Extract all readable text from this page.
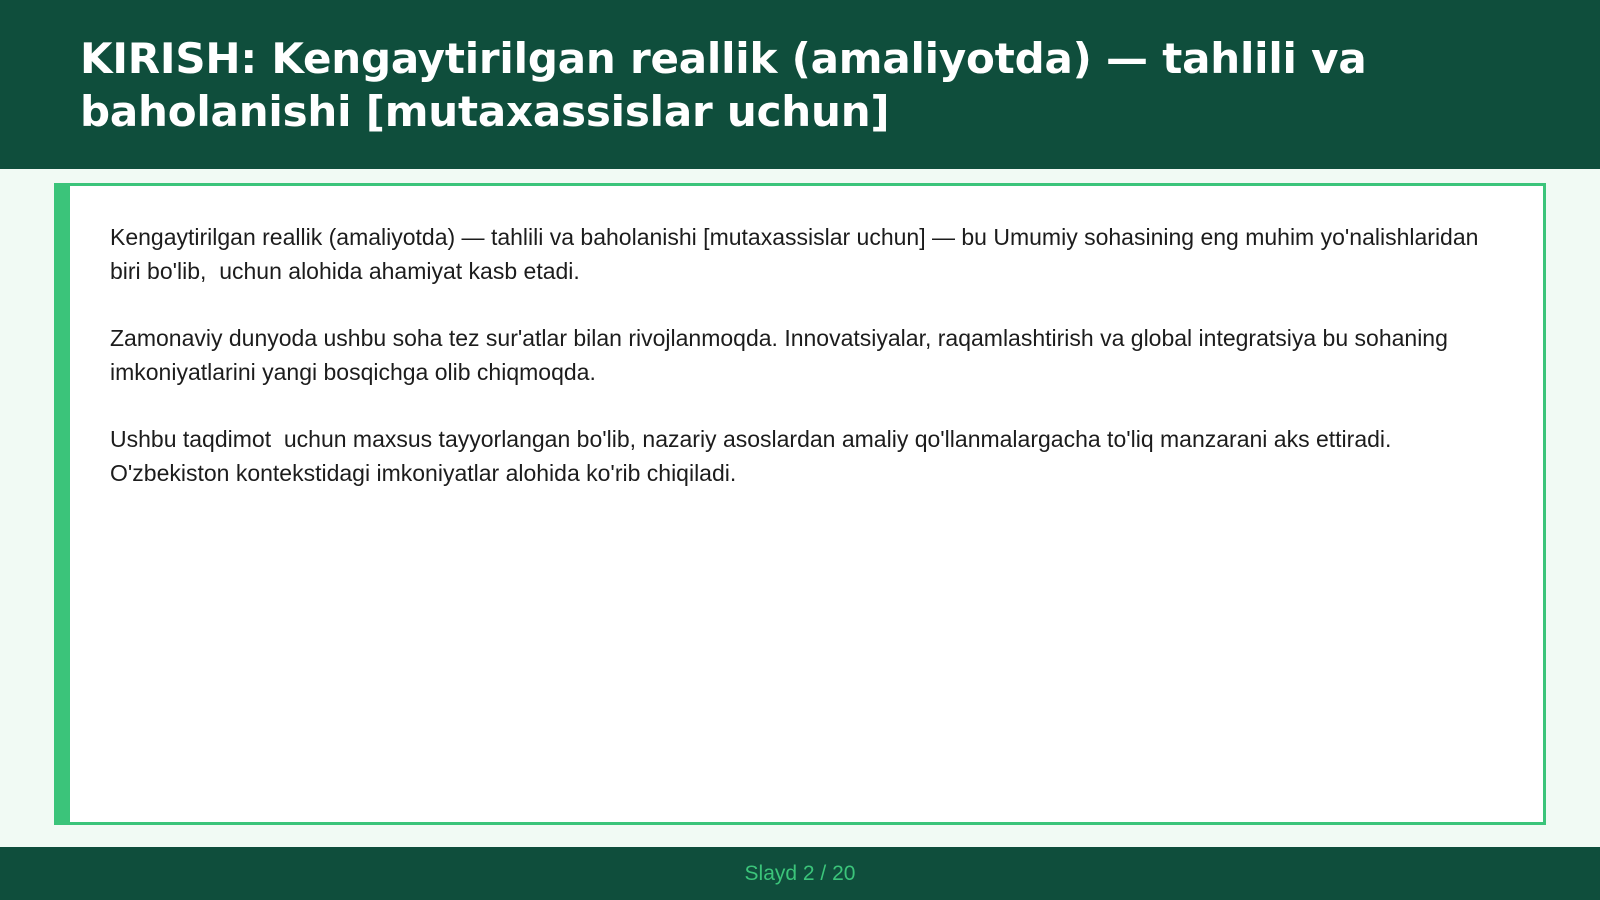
KIRISH: Kengaytirilgan reallik (amaliyotda) — tahlili va baholanishi [mutaxassislar uchun]

Kengaytirilgan reallik (amaliyotda) — tahlili va baholanishi [mutaxassislar uchun] — bu Umumiy sohasining eng muhim yo'nalishlaridan biri bo'lib,  uchun alohida ahamiyat kasb etadi.

Zamonaviy dunyoda ushbu soha tez sur'atlar bilan rivojlanmoqda. Innovatsiyalar, raqamlashtirish va global integratsiya bu sohaning imkoniyatlarini yangi bosqichga olib chiqmoqda.

Ushbu taqdimot  uchun maxsus tayyorlangan bo'lib, nazariy asoslardan amaliy qo'llanmalargacha to'liq manzarani aks ettiradi. O'zbekiston kontekstidagi imkoniyatlar alohida ko'rib chiqiladi.

Slayd 2 / 20
